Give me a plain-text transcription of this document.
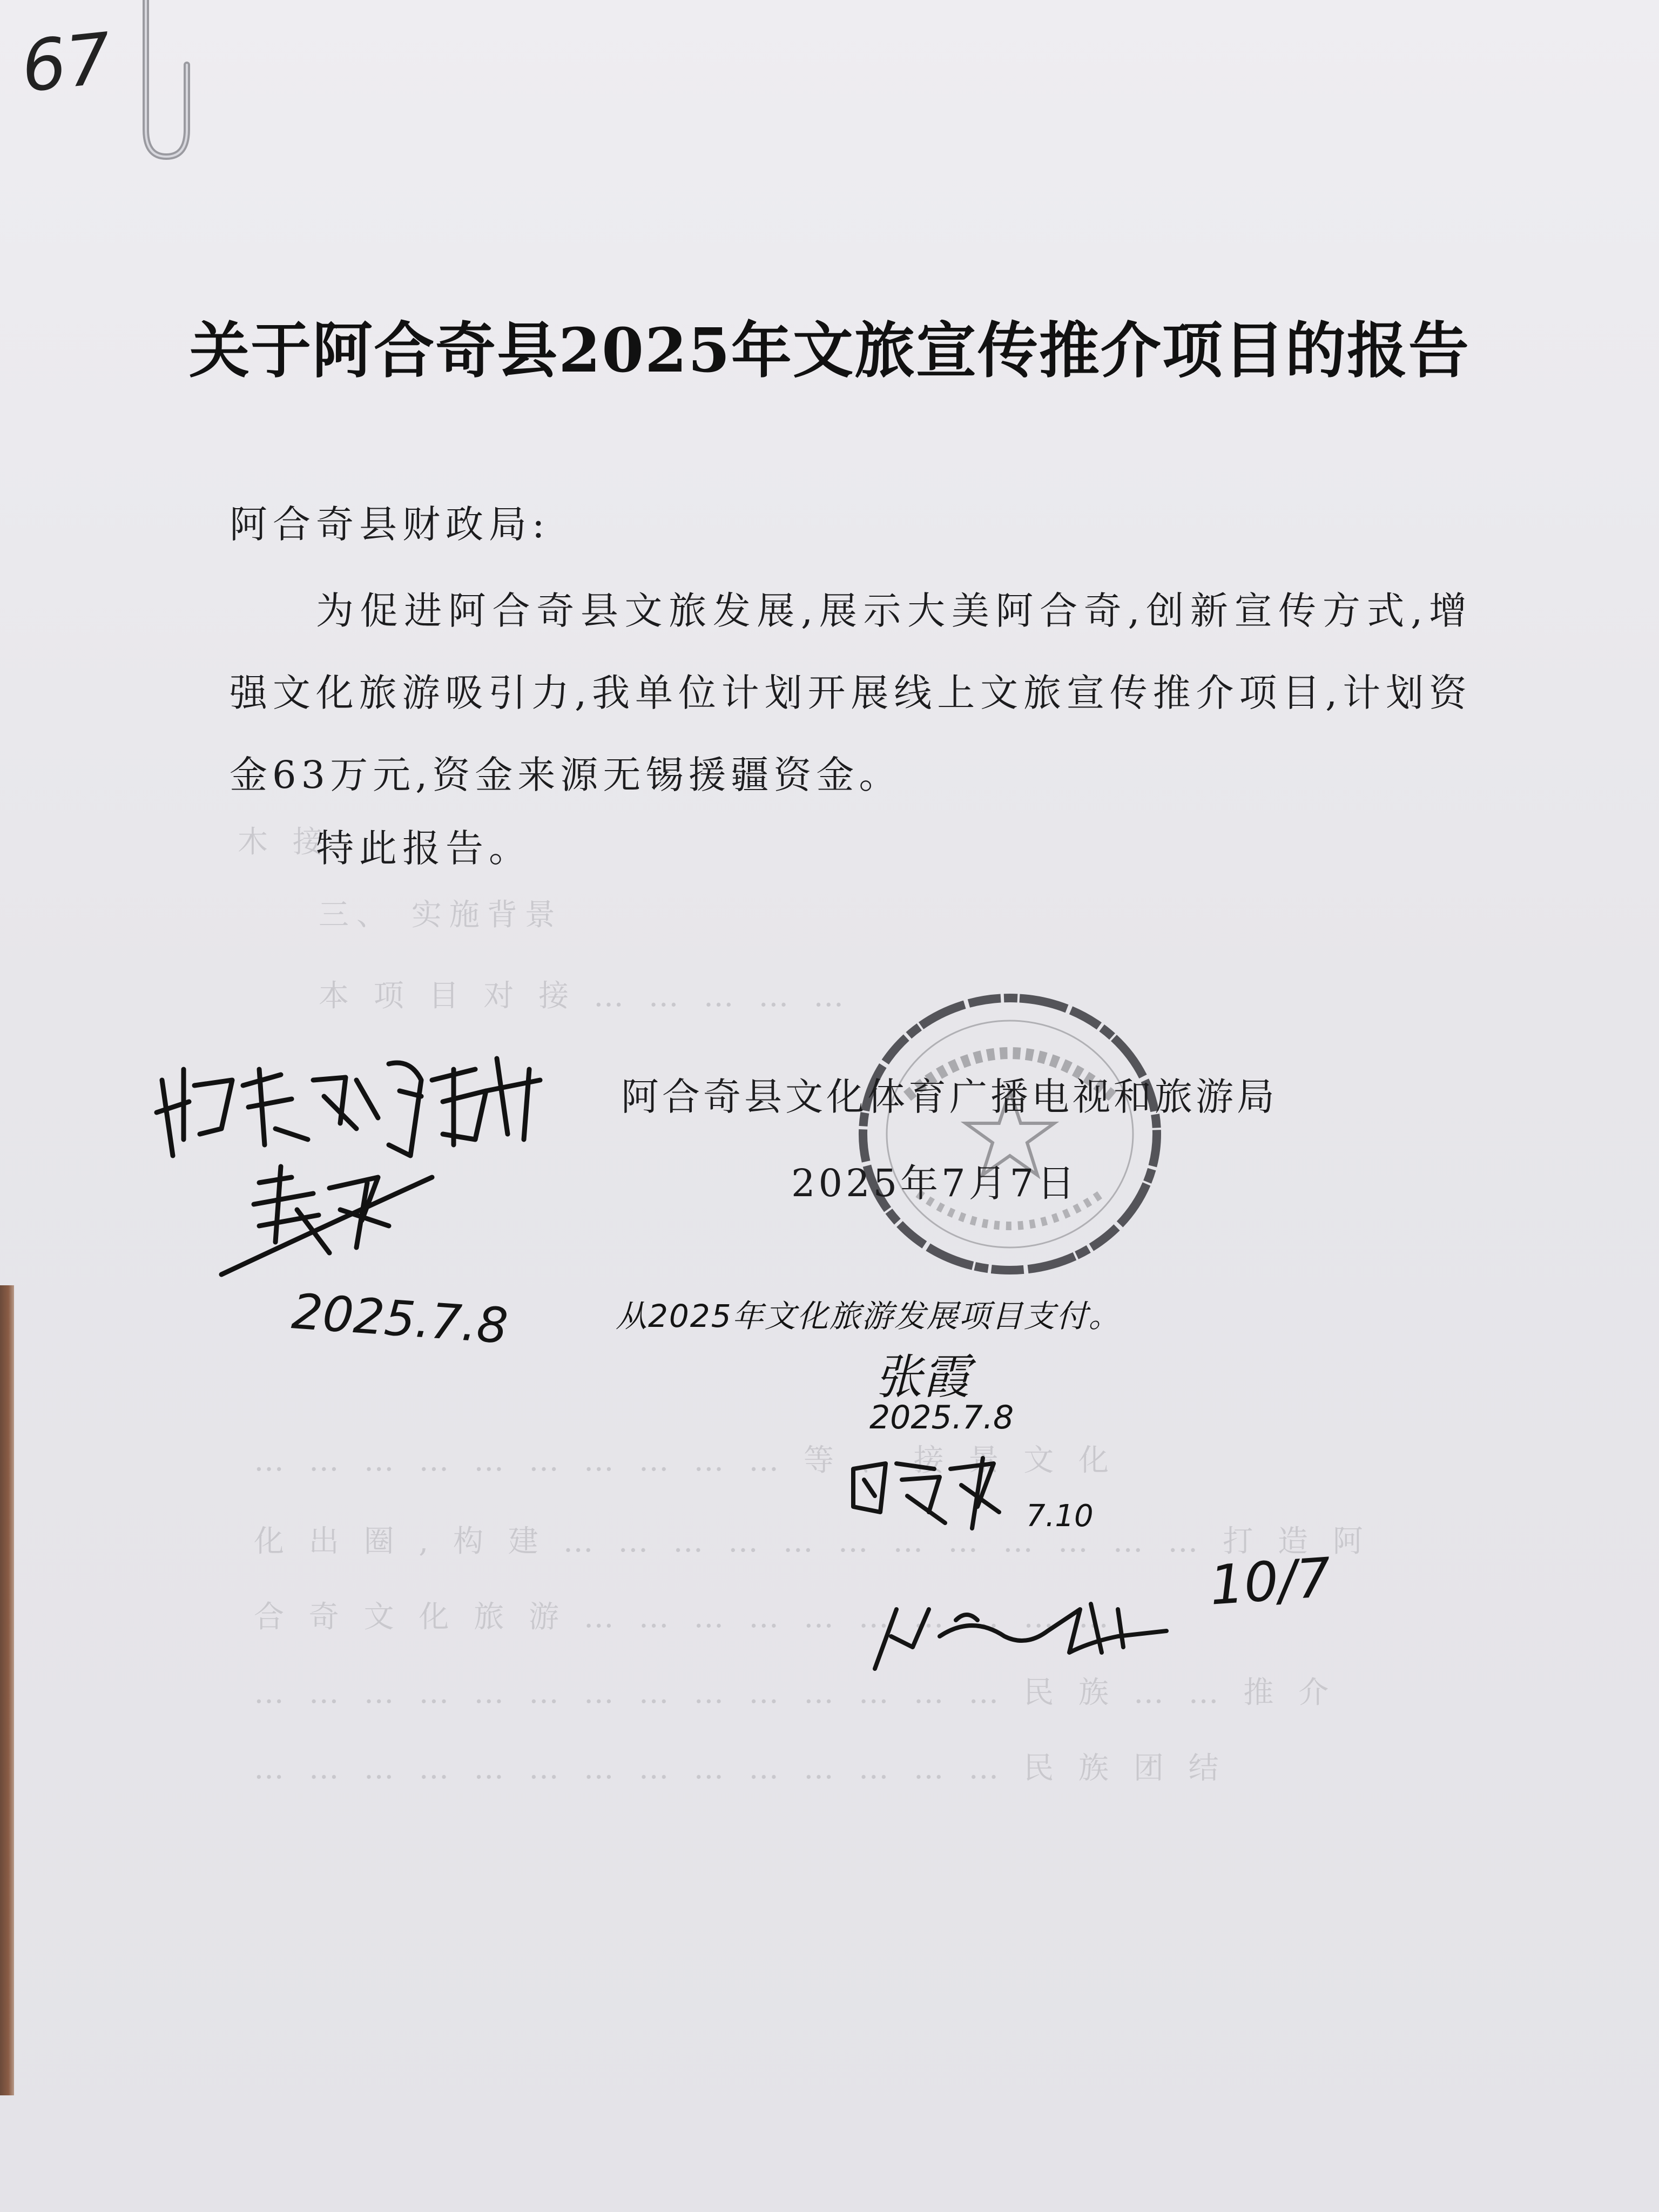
木 接
三、 实施背景
本 项 目 对 接 … … … … …
… … … … … … … … … … 等 、 接 景 文 化
化 出 圈 , 构 建 … … … … … … … … … … … … 打 造 阿
合 奇 文 化 旅 游 … … … … … … … … … …
… … … … … … … … … … … … … … 民 族 … … 推 介
… … … … … … … … … … … … … … 民 族 团 结
67
关于阿合奇县2025年文旅宣传推介项目的报告
阿合奇县财政局:
为促进阿合奇县文旅发展,展示大美阿合奇,创新宣传方式,增强文化旅游吸引力,我单位计划开展线上文旅宣传推介项目,计划资金63万元,资金来源无锡援疆资金。
特此报告。
阿合奇县文化体育广播电视和旅游局
2025年7月7日
2025.7.8	从2025年文化旅游发展项目支付。
张霞
2025.7.8
7.10
10/7
